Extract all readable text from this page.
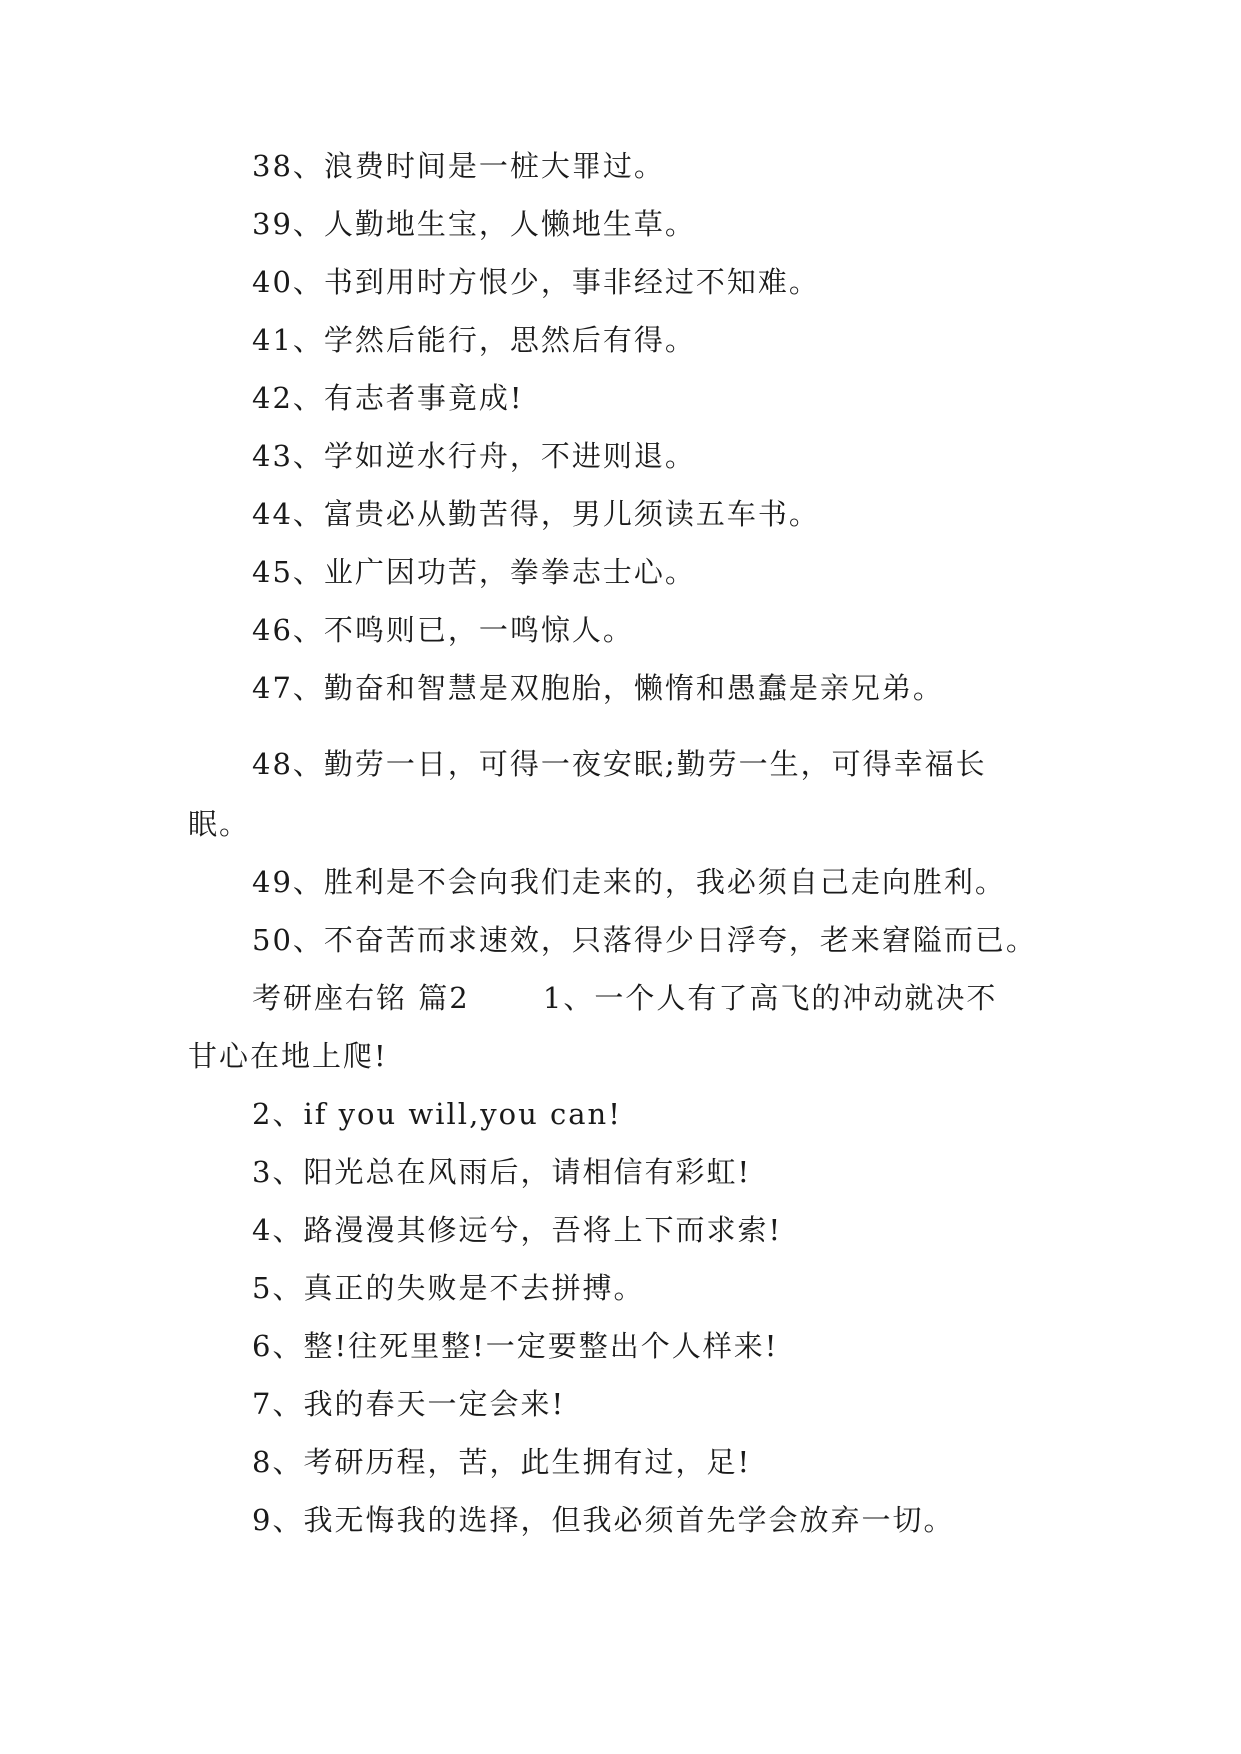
38、浪费时间是一桩大罪过。
39、人勤地生宝，人懒地生草。
40、书到用时方恨少，事非经过不知难。
41、学然后能行，思然后有得。
42、有志者事竟成!
43、学如逆水行舟，不进则退。
44、富贵必从勤苦得，男儿须读五车书。
45、业广因功苦，拳拳志士心。
46、不鸣则已，一鸣惊人。
47、勤奋和智慧是双胞胎，懒惰和愚蠢是亲兄弟。
48、勤劳一日，可得一夜安眠;勤劳一生，可得幸福长
眠。
49、胜利是不会向我们走来的，我必须自己走向胜利。
50、不奋苦而求速效，只落得少日浮夸，老来窘隘而已。
考研座右铭 篇2 　　1、一个人有了高飞的冲动就决不
甘心在地上爬!
2、if you will,you can!
3、阳光总在风雨后，请相信有彩虹!
4、路漫漫其修远兮，吾将上下而求索!
5、真正的失败是不去拼搏。
6、整!往死里整!一定要整出个人样来!
7、我的春天一定会来!
8、考研历程，苦，此生拥有过，足!
9、我无悔我的选择，但我必须首先学会放弃一切。
